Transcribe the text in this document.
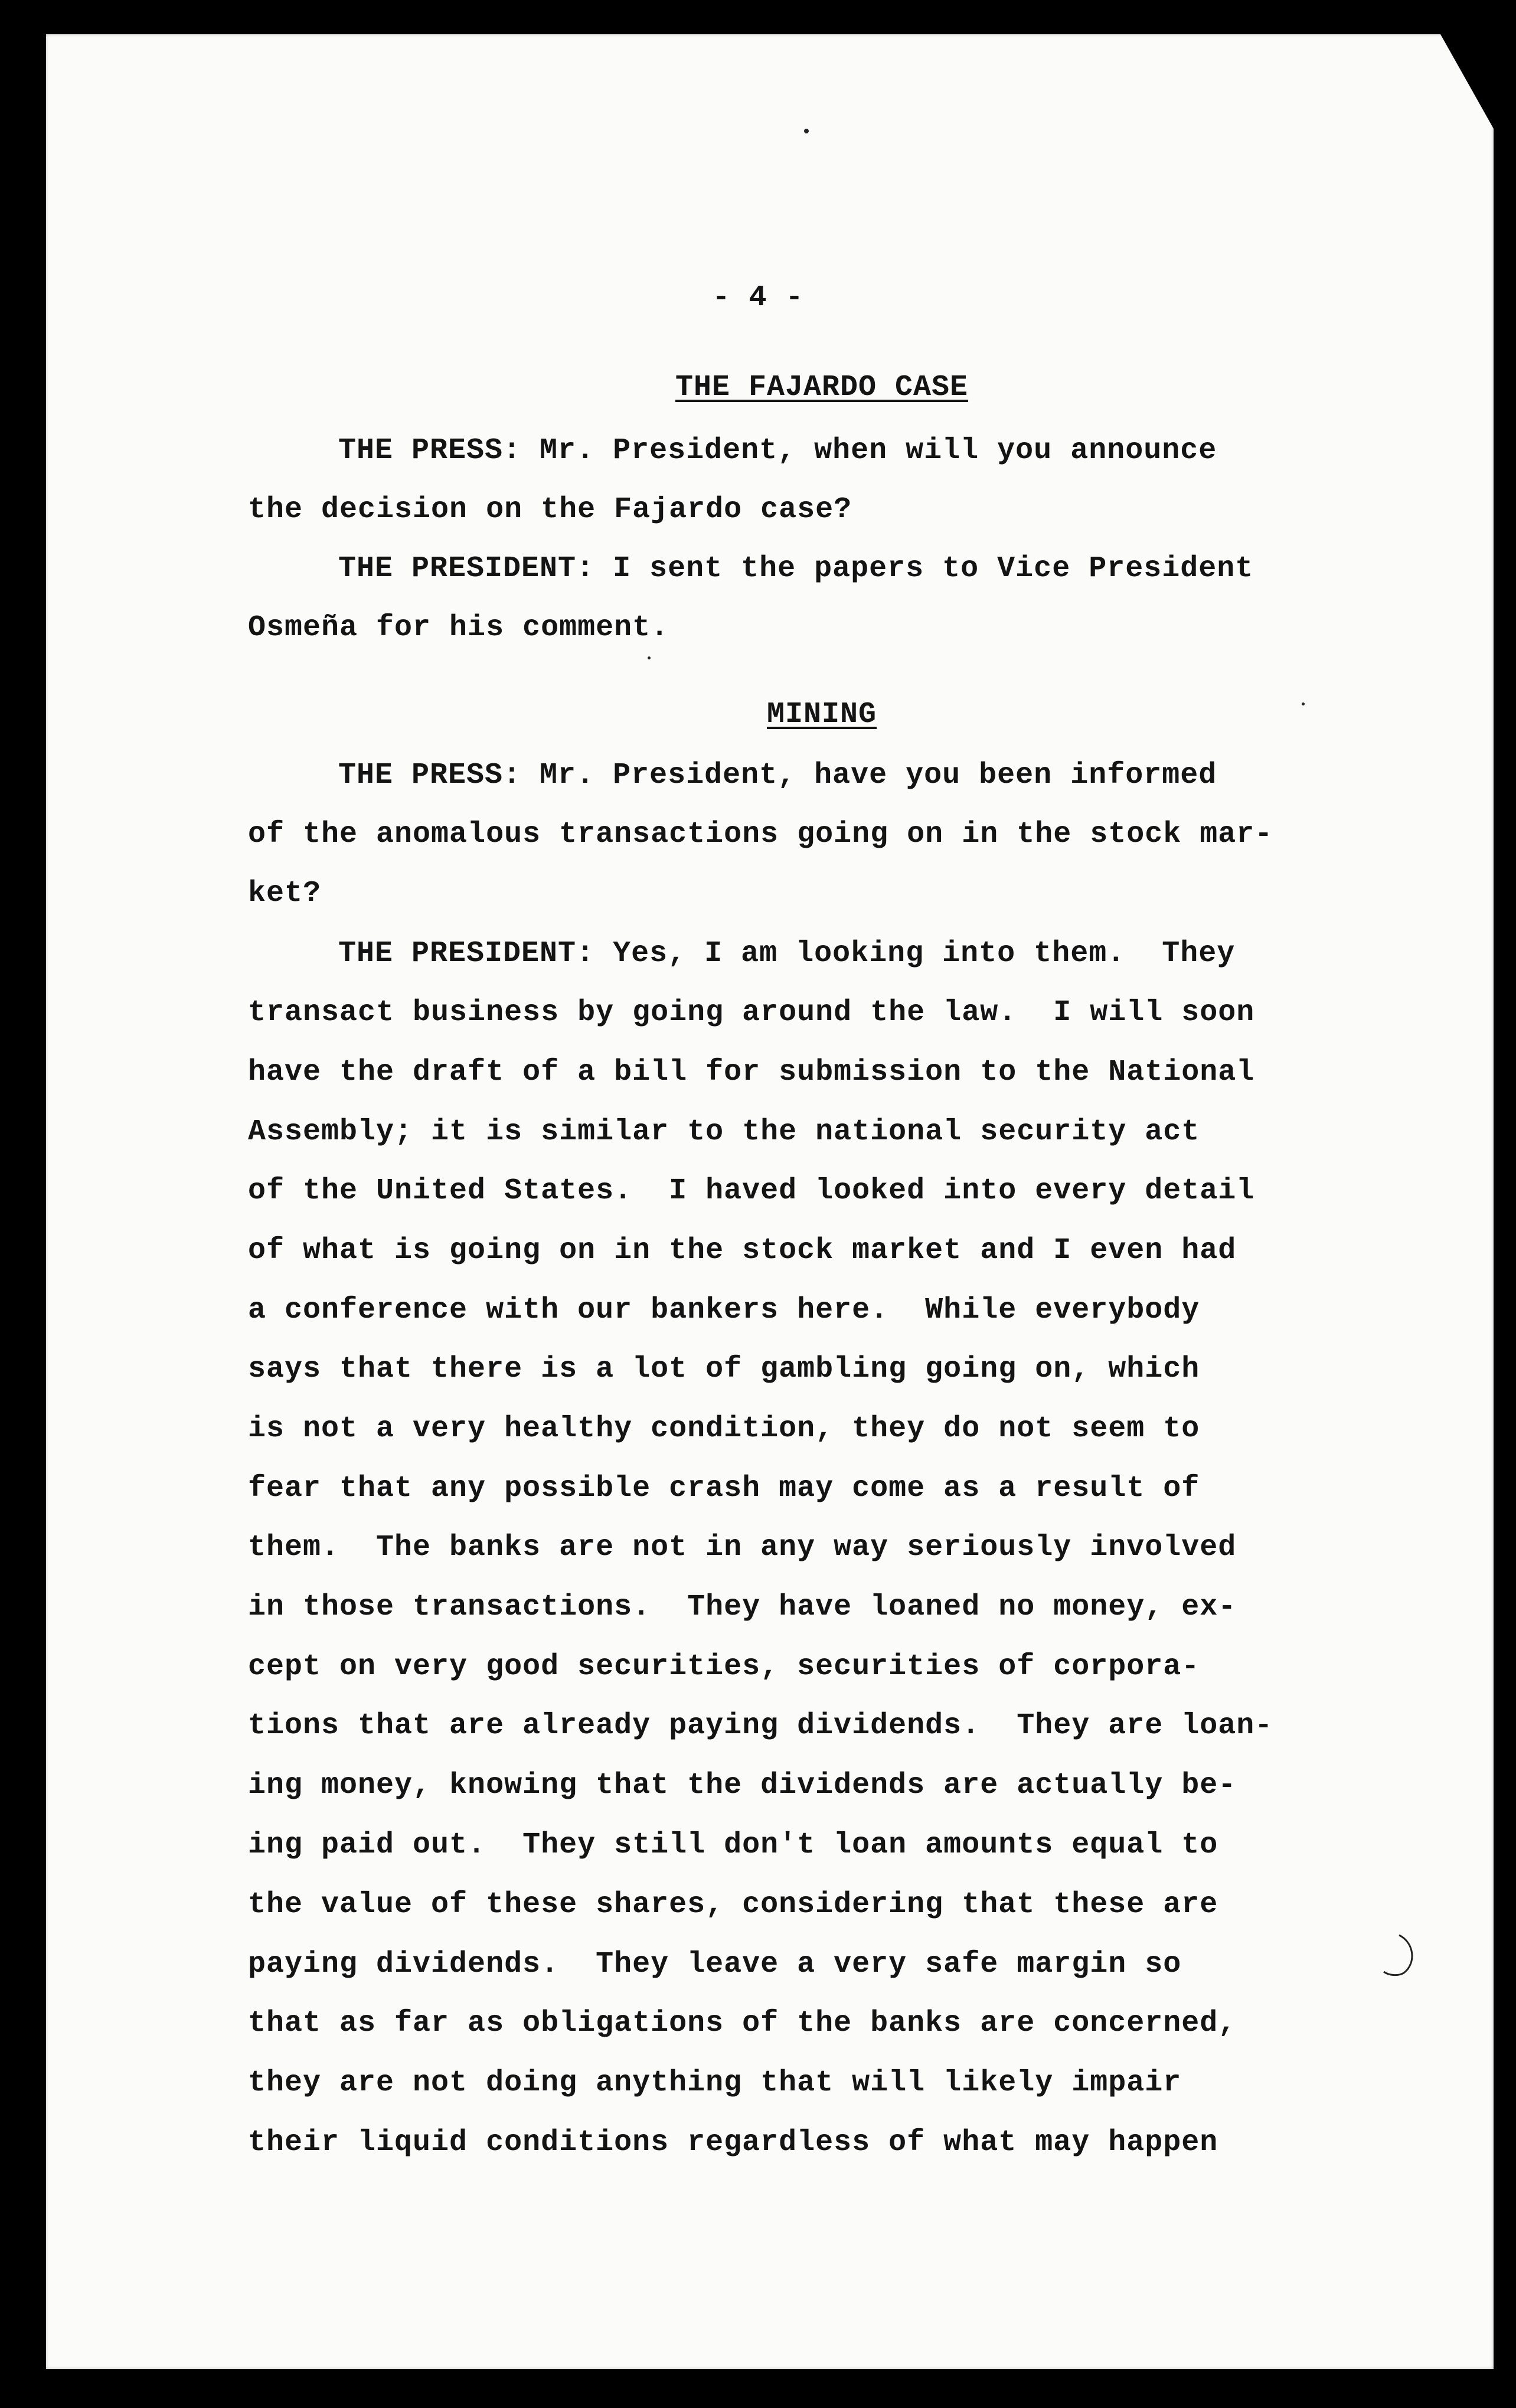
- 4 -
THE FAJARDO CASE
THE PRESS: Mr. President, when will you announce
the decision on the Fajardo case?
THE PRESIDENT: I sent the papers to Vice President
Osmeña for his comment.
MINING
THE PRESS: Mr. President, have you been informed
of the anomalous transactions going on in the stock mar-
ket?
THE PRESIDENT: Yes, I am looking into them.  They
transact business by going around the law.  I will soon
have the draft of a bill for submission to the National
Assembly; it is similar to the national security act
of the United States.  I haved looked into every detail
of what is going on in the stock market and I even had
a conference with our bankers here.  While everybody
says that there is a lot of gambling going on, which
is not a very healthy condition, they do not seem to
fear that any possible crash may come as a result of
them.  The banks are not in any way seriously involved
in those transactions.  They have loaned no money, ex-
cept on very good securities, securities of corpora-
tions that are already paying dividends.  They are loan-
ing money, knowing that the dividends are actually be-
ing paid out.  They still don't loan amounts equal to
the value of these shares, considering that these are
paying dividends.  They leave a very safe margin so
that as far as obligations of the banks are concerned,
they are not doing anything that will likely impair
their liquid conditions regardless of what may happen
